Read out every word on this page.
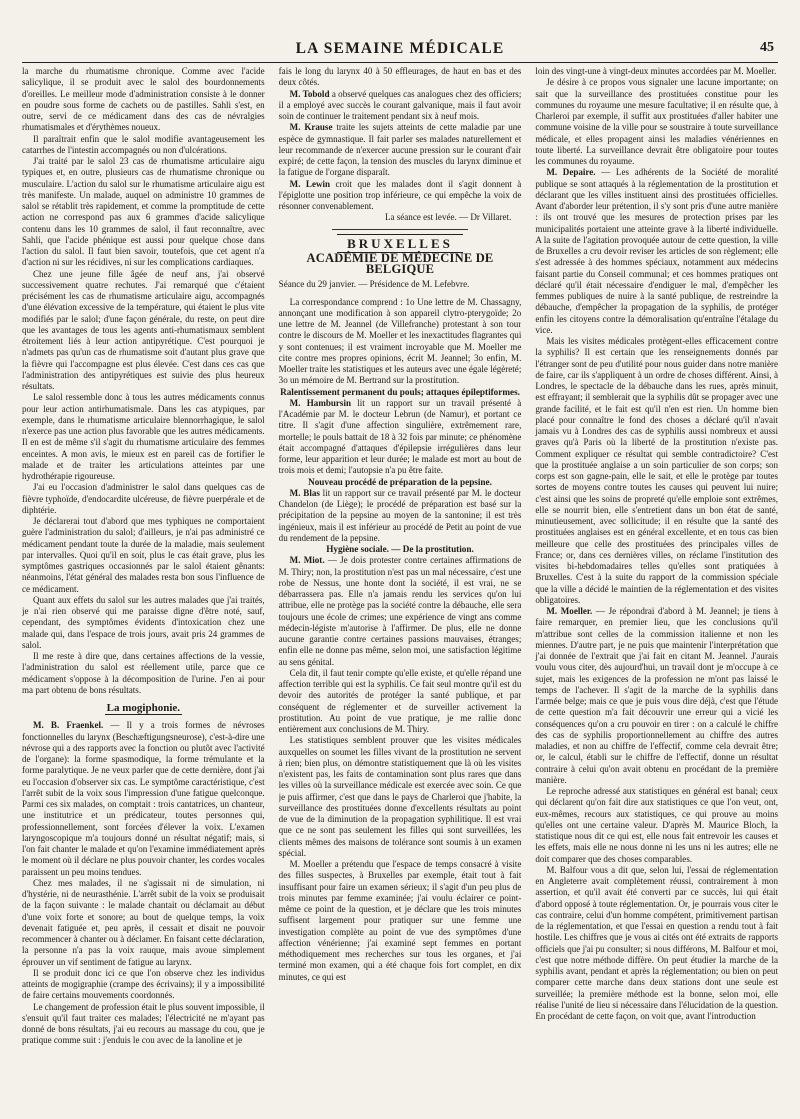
LA SEMAINE MÉDICALE	45

la marche du rhumatisme chronique. Comme avec l'acide salicylique, il se produit avec le salol des bourdonnements d'oreilles. Le meilleur mode d'administration consiste à le donner en poudre sous forme de cachets ou de pastilles. Sahli s'est, en outre, servi de ce médicament dans des cas de névralgies rhumatismales et d'érythèmes noueux.

Il paraîtrait enfin que le salol modifie avantageusement les catarrhes de l'intestin accompagnés ou non d'ulcérations.

J'ai traité par le salol 23 cas de rhumatisme articulaire aigu typiques et, en outre, plusieurs cas de rhumatisme chronique ou musculaire. L'action du salol sur le rhumatisme articulaire aigu est très manifeste. Un malade, auquel on administre 10 grammes de salol se rétablit très rapidement, et comme la promptitude de cette action ne correspond pas aux 6 grammes d'acide salicylique contenu dans les 10 grammes de salol, il faut reconnaître, avec Sahli, que l'acide phénique est aussi pour quelque chose dans l'action du salol. Il faut bien savoir, toutefois, que cet agent n'a d'action ni sur les récidives, ni sur les complications cardiaques.

Chez une jeune fille âgée de neuf ans, j'ai observé successivement quatre rechutes. J'ai remarqué que c'étaient précisément les cas de rhumatisme articulaire aigu, accompagnés d'une élévation excessive de la température, qui étaient le plus vite modifiés par le salol; d'une façon générale, du reste, on peut dire que les avantages de tous les agents anti-rhumatismaux semblent étroitement liés à leur action antipyrétique. C'est pourquoi je n'admets pas qu'un cas de rhumatisme soit d'autant plus grave que la fièvre qui l'accompagne est plus élevée. C'est dans ces cas que l'administration des antipyrétiques est suivie des plus heureux résultats.

Le salol ressemble donc à tous les autres médicaments connus pour leur action antirhumatismale. Dans les cas atypiques, par exemple, dans le rhumatisme articulaire blennorrhagique, le salol n'exerce pas une action plus favorable que les autres médicaments. Il en est de même s'il s'agit du rhumatisme articulaire des femmes enceintes. A mon avis, le mieux est en pareil cas de fortifier le malade et de traiter les articulations atteintes par une hydrothérapie rigoureuse.

J'ai eu l'occasion d'administrer le salol dans quelques cas de fièvre typhoïde, d'endocardite ulcéreuse, de fièvre puerpérale et de diphtérie.

Je déclarerai tout d'abord que mes typhiques ne comportaient guère l'administration du salol; d'ailleurs, je n'ai pas administré ce médicament pendant toute la durée de la maladie, mais seulement par intervalles. Quoi qu'il en soit, plus le cas était grave, plus les symptômes gastriques occasionnés par le salol étaient gênants: néanmoins, l'état général des malades resta bon sous l'influence de ce médicament.

Quant aux effets du salol sur les autres malades que j'ai traités, je n'ai rien observé qui me paraisse digne d'être noté, sauf, cependant, des symptômes évidents d'intoxication chez une malade qui, dans l'espace de trois jours, avait pris 24 grammes de salol.

Il me reste à dire que, dans certaines affections de la vessie, l'administration du salol est réellement utile, parce que ce médicament s'oppose à la décomposition de l'urine. J'en ai pour ma part obtenu de bons résultats.

La mogiphonie.

M. B. Fraenkel. — Il y a trois formes de névroses fonctionnelles du larynx (Beschæftigungsneurose), c'est-à-dire une névrose qui a des rapports avec la fonction ou plutôt avec l'activité de l'organe): la forme spasmodique, la forme trémulante et la forme paralytique. Je ne veux parler que de cette dernière, dont j'ai eu l'occasion d'observer six cas. Le symptôme caractéristique, c'est l'arrêt subit de la voix sous l'impression d'une fatigue quelconque. Parmi ces six malades, on comptait : trois cantatrices, un chanteur, une institutrice et un prédicateur, toutes personnes qui, professionnellement, sont forcées d'élever la voix. L'examen laryngoscopique m'a toujours donné un résultat négatif; mais, si l'on fait chanter le malade et qu'on l'examine immédiatement après le moment où il déclare ne plus pouvoir chanter, les cordes vocales paraissent un peu moins tendues.

Chez mes malades, il ne s'agissait ni de simulation, ni d'hystérie, ni de neurasthénie. L'arrêt subit de la voix se produisait de la façon suivante : le malade chantait ou déclamait au début d'une voix forte et sonore; au bout de quelque temps, la voix devenait fatiguée et, peu après, il cessait et disait ne pouvoir recommencer à chanter ou à déclamer. En faisant cette déclaration, la personne n'a pas la voix rauque, mais avoue simplement éprouver un vif sentiment de fatigue au larynx.

Il se produit donc ici ce que l'on observe chez les individus atteints de mogigraphie (crampe des écrivains); il y a impossibilité de faire certains mouvements coordonnés.

Le changement de profession était le plus souvent impossible, il s'ensuit qu'il faut traiter ces malades; l'électricité ne m'ayant pas donné de bons résultats, j'ai eu recours au massage du cou, que je pratique comme suit : j'enduis le cou avec de la lanoline et je

fais le long du larynx 40 à 50 effleurages, de haut en bas et des deux côtés.

M. Tobold a observé quelques cas analogues chez des officiers; il a employé avec succès le courant galvanique, mais il faut avoir soin de continuer le traitement pendant six à neuf mois.

M. Krause traite les sujets atteints de cette maladie par une espèce de gymnastique. Il fait parler ses malades naturellement et leur recommande de n'exercer aucune pression sur le courant d'air expiré; de cette façon, la tension des muscles du larynx diminue et la fatigue de l'organe disparaît.

M. Lewin croit que les malades dont il s'agit donnent à l'épiglotte une position trop inférieure, ce qui empêche la voix de résonner convenablement.

La séance est levée. — Dr Villaret.

BRUXELLES
ACADÉMIE DE MÉDECINE DE BELGIQUE

Séance du 29 janvier. — Présidence de M. Lefebvre.

La correspondance comprend : 1o Une lettre de M. Chassagny, annonçant une modification à son appareil clytro-pterygoïde; 2o une lettre de M. Jeannel (de Villefranche) protestant à son tour contre le discours de M. Moeller et les inexactitudes flagrantes qui y sont contenues; il est vraiment incroyable que M. Moeller me cite contre mes propres opinions, écrit M. Jeannel; 3o enfin, M. Moeller traite les statistiques et les auteurs avec une égale légèreté; 3o un mémoire de M. Bertrand sur la prostitution.

Ralentissement permanent du pouls; attaques épileptiformes.

M. Hambursin lit un rapport sur un travail présenté à l'Académie par M. le docteur Lebrun (de Namur), et portant ce titre. Il s'agit d'une affection singulière, extrêmement rare, mortelle; le pouls battait de 18 à 32 fois par minute; ce phénomène était accompagné d'attaques d'épilepsie irrégulières dans leur forme, leur apparition et leur durée; le malade est mort au bout de trois mois et demi; l'autopsie n'a pu être faite.

Nouveau procédé de préparation de la pepsine.

M. Blas lit un rapport sur ce travail présenté par M. le docteur Chandelon (de Liège); le procédé de préparation est basé sur la précipitation de la pepsine au moyen de la santonine; il est très ingénieux, mais il est inférieur au procédé de Petit au point de vue du rendement de la pepsine.

Hygiène sociale. — De la prostitution.

M. Miot. — Je dois protester contre certaines affirmations de M. Thiry; non, la prostitution n'est pas un mal nécessaire, c'est une robe de Nessus, une honte dont la société, il est vrai, ne se débarrassera pas. Elle n'a jamais rendu les services qu'on lui attribue, elle ne protège pas la société contre la débauche, elle sera toujours une école de crimes; une expérience de vingt ans comme médecin-légiste m'autorise à l'affirmer. De plus, elle ne donne aucune garantie contre certaines passions mauvaises, étranges; enfin elle ne donne pas même, selon moi, une satisfaction légitime au sens génital.

Cela dit, il faut tenir compte qu'elle existe, et qu'elle répand une affection terrible qui est la syphilis. Ce fait seul montre qu'il est du devoir des autorités de protéger la santé publique, et par conséquent de réglementer et de surveiller activement la prostitution. Au point de vue pratique, je me rallie donc entièrement aux conclusions de M. Thiry.

Les statistiques semblent prouver que les visites médicales auxquelles on soumet les filles vivant de la prostitution ne servent à rien; bien plus, on démontre statistiquement que là où les visites n'existent pas, les faits de contamination sont plus rares que dans les villes où la surveillance médicale est exercée avec soin. Ce que je puis affirmer, c'est que dans le pays de Charleroi que j'habite, la surveillance des prostituées donne d'excellents résultats au point de vue de la diminution de la propagation syphilitique. Il est vrai que ce ne sont pas seulement les filles qui sont surveillées, les clients mêmes des maisons de tolérance sont soumis à un examen spécial.

M. Moeller a prétendu que l'espace de temps consacré à visite des filles suspectes, à Bruxelles par exemple, était tout à fait insuffisant pour faire un examen sérieux; il s'agit d'un peu plus de trois minutes par femme examinée; j'ai voulu éclairer ce point-même ce point de la question, et je déclare que les trois minutes suffisent largement pour pratiquer sur une femme une investigation complète au point de vue des symptômes d'une affection vénérienne; j'ai examiné sept femmes en portant méthodiquement mes recherches sur tous les organes, et j'ai terminé mon examen, qui a été chaque fois fort complet, en dix minutes, ce qui est

loin des vingt-une à vingt-deux minutes accordées par M. Moeller.

Je désire à ce propos vous signaler une lacune importante; on sait que la surveillance des prostituées constitue pour les communes du royaume une mesure facultative; il en résulte que, à Charleroi par exemple, il suffit aux prostituées d'aller habiter une commune voisine de la ville pour se soustraire à toute surveillance médicale, et elles propagent ainsi les maladies vénériennes en toute liberté. La surveillance devrait être obligatoire pour toutes les communes du royaume.

M. Depaire. — Les adhérents de la Société de moralité publique se sont attaqués à la réglementation de la prostitution et déclarant que les villes instituent ainsi des prostituées officielles. Avant d'aborder leur prétention, il s'y sont pris d'une autre manière : ils ont trouvé que les mesures de protection prises par les municipalités portaient une atteinte grave à la liberté individuelle. A la suite de l'agitation provoquée autour de cette question, la ville de Bruxelles a cru devoir reviser les articles de son règlement; elle s'est adressée à des hommes spéciaux, notamment aux médecins faisant partie du Conseil communal; et ces hommes pratiques ont déclaré qu'il était nécessaire d'endiguer le mal, d'empêcher les femmes publiques de nuire à la santé publique, de restreindre la débauche, d'empêcher la propagation de la syphilis, de protéger enfin les citoyens contre la démoralisation qu'entraîne l'étalage du vice.

Mais les visites médicales protègent-elles efficacement contre la syphilis? Il est certain que les renseignements donnés par l'étranger sont de peu d'utilité pour nous guider dans notre manière de faire, car ils s'appliquent à un ordre de choses différent. Ainsi, à Londres, le spectacle de la débauche dans les rues, après minuit, est effrayant; il semblerait que la syphilis dût se propager avec une grande facilité, et le fait est qu'il n'en est rien. Un homme bien placé pour connaître le fond des choses a déclaré qu'il n'avait jamais vu à Londres des cas de syphilis aussi nombreux et aussi graves qu'à Paris où la liberté de la prostitution n'existe pas. Comment expliquer ce résultat qui semble contradictoire? C'est que la prostituée anglaise a un soin particulier de son corps; son corps est son gagne-pain, elle le sait, et elle le protège par toutes sortes de moyens contre toutes les causes qui peuvent lui nuire; c'est ainsi que les soins de propreté qu'elle emploie sont extrêmes, elle se nourrit bien, elle s'entretient dans un bon état de santé, minutieusement, avec sollicitude; il en résulte que la santé des prostituées anglaises est en général excellente, et en tous cas bien meilleure que celle des prostituées des principales villes de France; or, dans ces dernières villes, on réclame l'institution des visites bi-hebdomadaires telles qu'elles sont pratiquées à Bruxelles. C'est à la suite du rapport de la commission spéciale que la ville a décidé le maintien de la réglementation et des visites obligatoires.

M. Moeller. — Je répondrai d'abord à M. Jeannel; je tiens à faire remarquer, en premier lieu, que les conclusions qu'il m'attribue sont celles de la commission italienne et non les miennes. D'autre part, je ne puis que maintenir l'interprétation que j'ai donnée de l'extrait que j'ai fait en citant M. Jeannel. J'aurais voulu vous citer, dès aujourd'hui, un travail dont je m'occupe à ce sujet, mais les exigences de la profession ne m'ont pas laissé le temps de l'achever. Il s'agit de la marche de la syphilis dans l'armée belge; mais ce que je puis vous dire déjà, c'est que l'étude de cette question m'a fait découvrir une erreur qui a vicié les conséquences qu'on a cru pouvoir en tirer : on a calculé le chiffre des cas de syphilis proportionnellement au chiffre des autres maladies, et non au chiffre de l'effectif, comme cela devrait être; or, le calcul, établi sur le chiffre de l'effectif, donne un résultat contraire à celui qu'on avait obtenu en procédant de la première manière.

Le reproche adressé aux statistiques en général est banal; ceux qui déclarent qu'on fait dire aux statistiques ce que l'on veut, ont, eux-mêmes, recours aux statistiques, ce qui prouve au moins qu'elles ont une certaine valeur. D'après M. Maurice Bloch, la statistique nous dit ce qui est, elle nous fait entrevoir les causes et les effets, mais elle ne nous donne ni les uns ni les autres; elle ne doit comparer que des choses comparables.

M. Balfour vous a dit que, selon lui, l'essai de réglementation en Angleterre avait complètement réussi, contrairement à mon assertion, et qu'il avait été converti par ce succès, lui qui était d'abord opposé à toute réglementation. Or, je pourrais vous citer le cas contraire, celui d'un homme compétent, primitivement partisan de la réglementation, et que l'essai en question a rendu tout à fait hostile. Les chiffres que je vous ai cités ont été extraits de rapports officiels que j'ai pu consulter; si nous différons, M. Balfour et moi, c'est que notre méthode diffère. On peut étudier la marche de la syphilis avant, pendant et après la réglementation; ou bien on peut comparer cette marche dans deux stations dont une seule est surveillée; la première méthode est la bonne, selon moi, elle réalise l'unité de lieu si nécessaire dans l'élucidation de la question. En procédant de cette façon, on voit que, avant l'introduction
